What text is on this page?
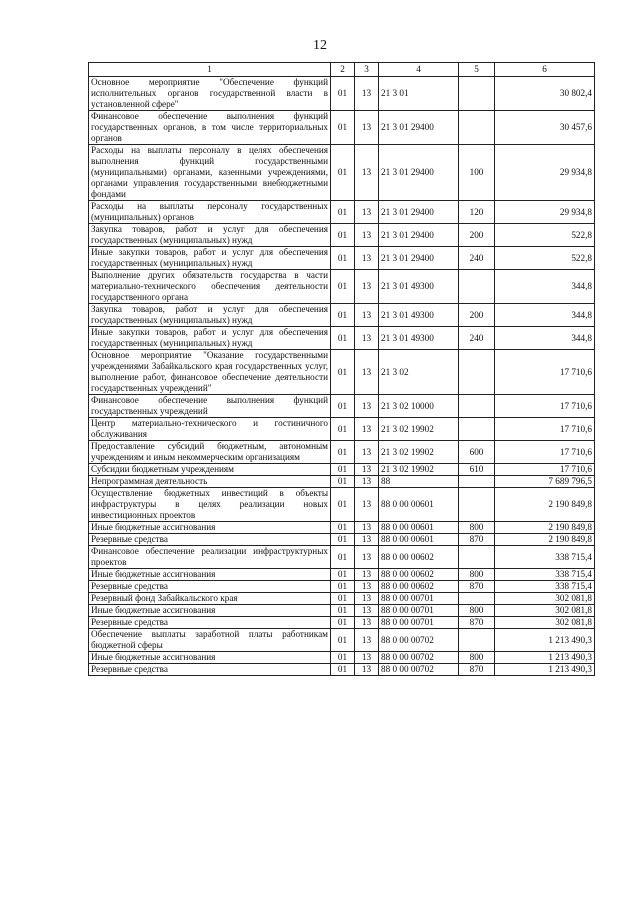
12
1	2	3	4	5	6
Основное мероприятие "Обеспечение функций исполнительных органов государственной власти в установленной сфере"	01	13	21 3 01		30 802,4
Финансовое обеспечение выполнения функций государственных органов, в том числе территориальных органов	01	13	21 3 01 29400		30 457,6
Расходы на выплаты персоналу в целях обеспечения выполнения функций государственными (муниципальными) органами, казенными учреждениями, органами управления государственными внебюджетными фондами	01	13	21 3 01 29400	100	29 934,8
Расходы на выплаты персоналу государственных (муниципальных) органов	01	13	21 3 01 29400	120	29 934,8
Закупка товаров, работ и услуг для обеспечения государственных (муниципальных) нужд	01	13	21 3 01 29400	200	522,8
Иные закупки товаров, работ и услуг для обеспечения государственных (муниципальных) нужд	01	13	21 3 01 29400	240	522,8
Выполнение других обязательств государства в части материально-технического обеспечения деятельности государственного органа	01	13	21 3 01 49300		344,8
Закупка товаров, работ и услуг для обеспечения государственных (муниципальных) нужд	01	13	21 3 01 49300	200	344,8
Иные закупки товаров, работ и услуг для обеспечения государственных (муниципальных) нужд	01	13	21 3 01 49300	240	344,8
Основное мероприятие "Оказание государственными учреждениями Забайкальского края государственных услуг, выполнение работ, финансовое обеспечение деятельности государственных учреждений"	01	13	21 3 02		17 710,6
Финансовое обеспечение выполнения функций государственных учреждений	01	13	21 3 02 10000		17 710,6
Центр материально-технического и гостиничного обслуживания	01	13	21 3 02 19902		17 710,6
Предоставление субсидий бюджетным, автономным учреждениям и иным некоммерческим организациям	01	13	21 3 02 19902	600	17 710,6
Субсидии бюджетным учреждениям	01	13	21 3 02 19902	610	17 710,6
Непрограммная деятельность	01	13	88		7 689 796,5
Осуществление бюджетных инвестиций в объекты инфраструктуры в целях реализации новых инвестиционных проектов	01	13	88 0 00 00601		2 190 849,8
Иные бюджетные ассигнования	01	13	88 0 00 00601	800	2 190 849,8
Резервные средства	01	13	88 0 00 00601	870	2 190 849,8
Финансовое обеспечение реализации инфраструктурных проектов	01	13	88 0 00 00602		338 715,4
Иные бюджетные ассигнования	01	13	88 0 00 00602	800	338 715,4
Резервные средства	01	13	88 0 00 00602	870	338 715,4
Резервный фонд Забайкальского края	01	13	88 0 00 00701		302 081,8
Иные бюджетные ассигнования	01	13	88 0 00 00701	800	302 081,8
Резервные средства	01	13	88 0 00 00701	870	302 081,8
Обеспечение выплаты заработной платы работникам бюджетной сферы	01	13	88 0 00 00702		1 213 490,3
Иные бюджетные ассигнования	01	13	88 0 00 00702	800	1 213 490,3
Резервные средства	01	13	88 0 00 00702	870	1 213 490,3
